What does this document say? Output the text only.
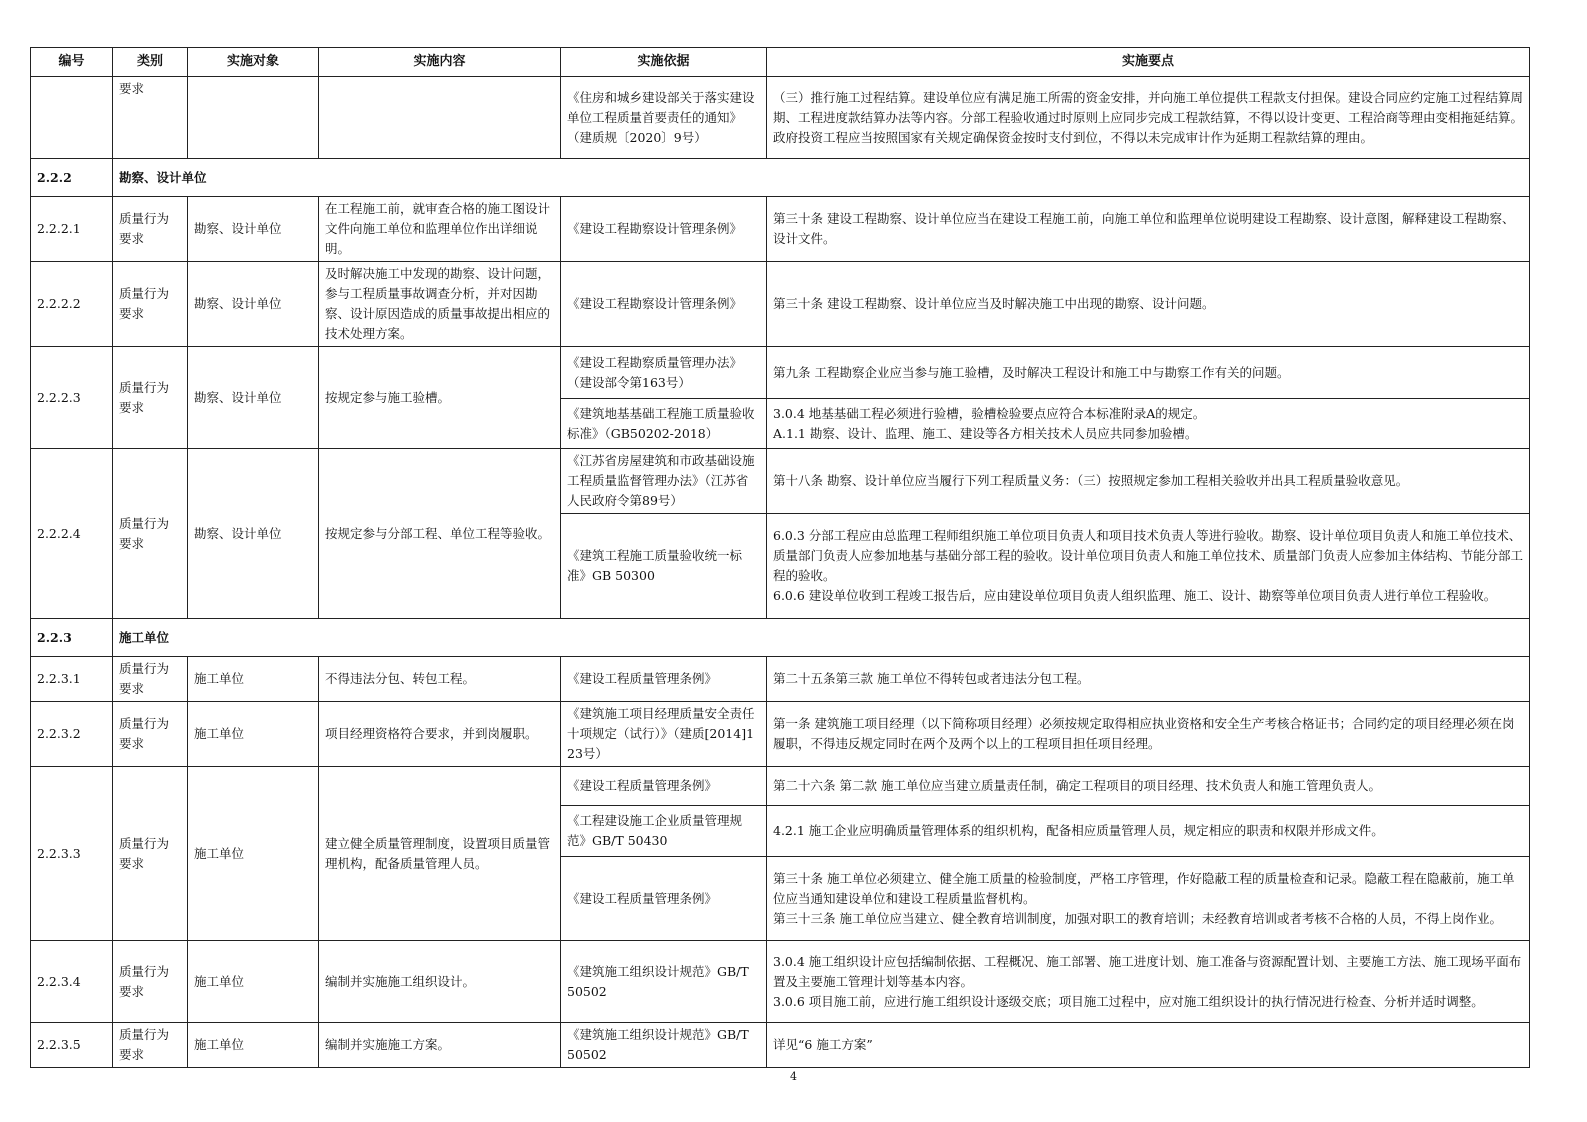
编号	类别	实施对象	实施内容	实施依据	实施要点
	要求			《住房和城乡建设部关于落实建设单位工程质量首要责任的通知》（建质规〔2020〕9号）	（三）推行施工过程结算。建设单位应有满足施工所需的资金安排，并向施工单位提供工程款支付担保。建设合同应约定施工过程结算周期、工程进度款结算办法等内容。分部工程验收通过时原则上应同步完成工程款结算，不得以设计变更、工程洽商等理由变相拖延结算。政府投资工程应当按照国家有关规定确保资金按时支付到位，不得以未完成审计作为延期工程款结算的理由。
2.2.2	勘察、设计单位				
2.2.2.1	质量行为要求	勘察、设计单位	在工程施工前，就审查合格的施工图设计文件向施工单位和监理单位作出详细说明。	《建设工程勘察设计管理条例》	第三十条 建设工程勘察、设计单位应当在建设工程施工前，向施工单位和监理单位说明建设工程勘察、设计意图，解释建设工程勘察、设计文件。
2.2.2.2	质量行为要求	勘察、设计单位	及时解决施工中发现的勘察、设计问题，参与工程质量事故调查分析，并对因勘察、设计原因造成的质量事故提出相应的技术处理方案。	《建设工程勘察设计管理条例》	第三十条 建设工程勘察、设计单位应当及时解决施工中出现的勘察、设计问题。
2.2.2.3	质量行为要求	勘察、设计单位	按规定参与施工验槽。	《建设工程勘察质量管理办法》（建设部令第163号）	第九条 工程勘察企业应当参与施工验槽，及时解决工程设计和施工中与勘察工作有关的问题。
				《建筑地基基础工程施工质量验收标准》（GB50202-2018）	3.0.4 地基基础工程必须进行验槽，验槽检验要点应符合本标准附录A的规定。
A.1.1 勘察、设计、监理、施工、建设等各方相关技术人员应共同参加验槽。

2.2.2.4	质量行为要求	勘察、设计单位	按规定参与分部工程、单位工程等验收。	《江苏省房屋建筑和市政基础设施工程质量监督管理办法》（江苏省人民政府令第89号）	第十八条 勘察、设计单位应当履行下列工程质量义务：（三）按照规定参加工程相关验收并出具工程质量验收意见。
				《建筑工程施工质量验收统一标准》GB 50300	6.0.3 分部工程应由总监理工程师组织施工单位项目负责人和项目技术负责人等进行验收。勘察、设计单位项目负责人和施工单位技术、质量部门负责人应参加地基与基础分部工程的验收。设计单位项目负责人和施工单位技术、质量部门负责人应参加主体结构、节能分部工程的验收。
6.0.6 建设单位收到工程竣工报告后，应由建设单位项目负责人组织监理、施工、设计、勘察等单位项目负责人进行单位工程验收。

2.2.3	施工单位				
2.2.3.1	质量行为要求	施工单位	不得违法分包、转包工程。	《建设工程质量管理条例》	第二十五条第三款 施工单位不得转包或者违法分包工程。
2.2.3.2	质量行为要求	施工单位	项目经理资格符合要求，并到岗履职。	《建筑施工项目经理质量安全责任十项规定（试行）》（建质[2014]123号）	第一条 建筑施工项目经理（以下简称项目经理）必须按规定取得相应执业资格和安全生产考核合格证书；合同约定的项目经理必须在岗履职，不得违反规定同时在两个及两个以上的工程项目担任项目经理。
2.2.3.3	质量行为要求	施工单位	建立健全质量管理制度，设置项目质量管理机构，配备质量管理人员。	《建设工程质量管理条例》	第二十六条 第二款 施工单位应当建立质量责任制，确定工程项目的项目经理、技术负责人和施工管理负责人。
				《工程建设施工企业质量管理规范》GB/T 50430	4.2.1 施工企业应明确质量管理体系的组织机构，配备相应质量管理人员，规定相应的职责和权限并形成文件。
				《建设工程质量管理条例》	第三十条 施工单位必须建立、健全施工质量的检验制度，严格工序管理，作好隐蔽工程的质量检查和记录。隐蔽工程在隐蔽前，施工单位应当通知建设单位和建设工程质量监督机构。
第三十三条 施工单位应当建立、健全教育培训制度，加强对职工的教育培训；未经教育培训或者考核不合格的人员，不得上岗作业。

2.2.3.4	质量行为要求	施工单位	编制并实施施工组织设计。	《建筑施工组织设计规范》GB/T 50502	3.0.4 施工组织设计应包括编制依据、工程概况、施工部署、施工进度计划、施工准备与资源配置计划、主要施工方法、施工现场平面布置及主要施工管理计划等基本内容。
3.0.6 项目施工前，应进行施工组织设计逐级交底；项目施工过程中，应对施工组织设计的执行情况进行检查、分析并适时调整。

2.2.3.5	质量行为要求	施工单位	编制并实施施工方案。	《建筑施工组织设计规范》GB/T 50502	详见“6 施工方案”
4
